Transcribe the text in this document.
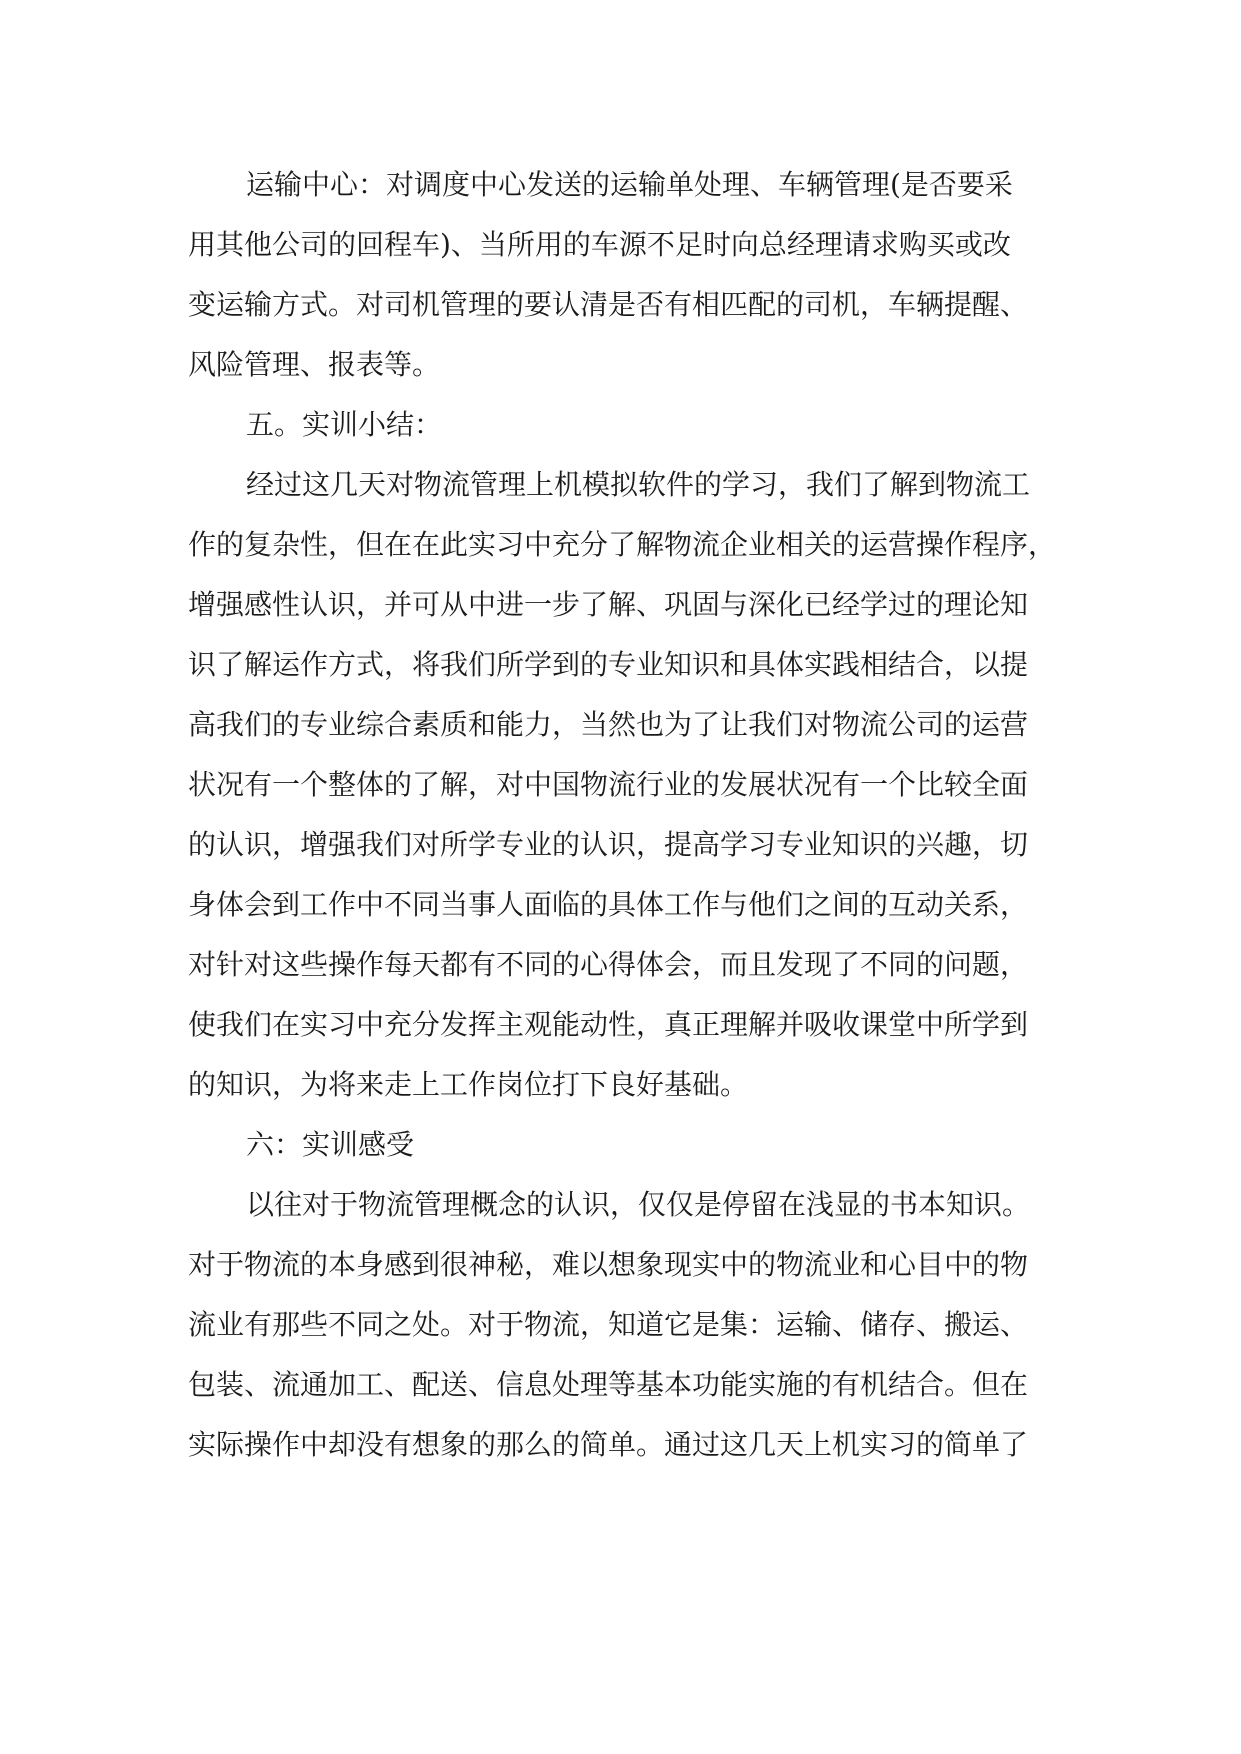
运输中心：对调度中心发送的运输单处理、车辆管理(是否要采
用其他公司的回程车)、当所用的车源不足时向总经理请求购买或改
变运输方式。对司机管理的要认清是否有相匹配的司机，车辆提醒、
风险管理、报表等。
五。实训小结：
经过这几天对物流管理上机模拟软件的学习，我们了解到物流工
作的复杂性，但在在此实习中充分了解物流企业相关的运营操作程序，
增强感性认识，并可从中进一步了解、巩固与深化已经学过的理论知
识了解运作方式，将我们所学到的专业知识和具体实践相结合，以提
高我们的专业综合素质和能力，当然也为了让我们对物流公司的运营
状况有一个整体的了解，对中国物流行业的发展状况有一个比较全面
的认识，增强我们对所学专业的认识，提高学习专业知识的兴趣，切
身体会到工作中不同当事人面临的具体工作与他们之间的互动关系，
对针对这些操作每天都有不同的心得体会，而且发现了不同的问题，
使我们在实习中充分发挥主观能动性，真正理解并吸收课堂中所学到
的知识，为将来走上工作岗位打下良好基础。
六：实训感受
以往对于物流管理概念的认识，仅仅是停留在浅显的书本知识。
对于物流的本身感到很神秘，难以想象现实中的物流业和心目中的物
流业有那些不同之处。对于物流，知道它是集：运输、储存、搬运、
包装、流通加工、配送、信息处理等基本功能实施的有机结合。但在
实际操作中却没有想象的那么的简单。通过这几天上机实习的简单了
